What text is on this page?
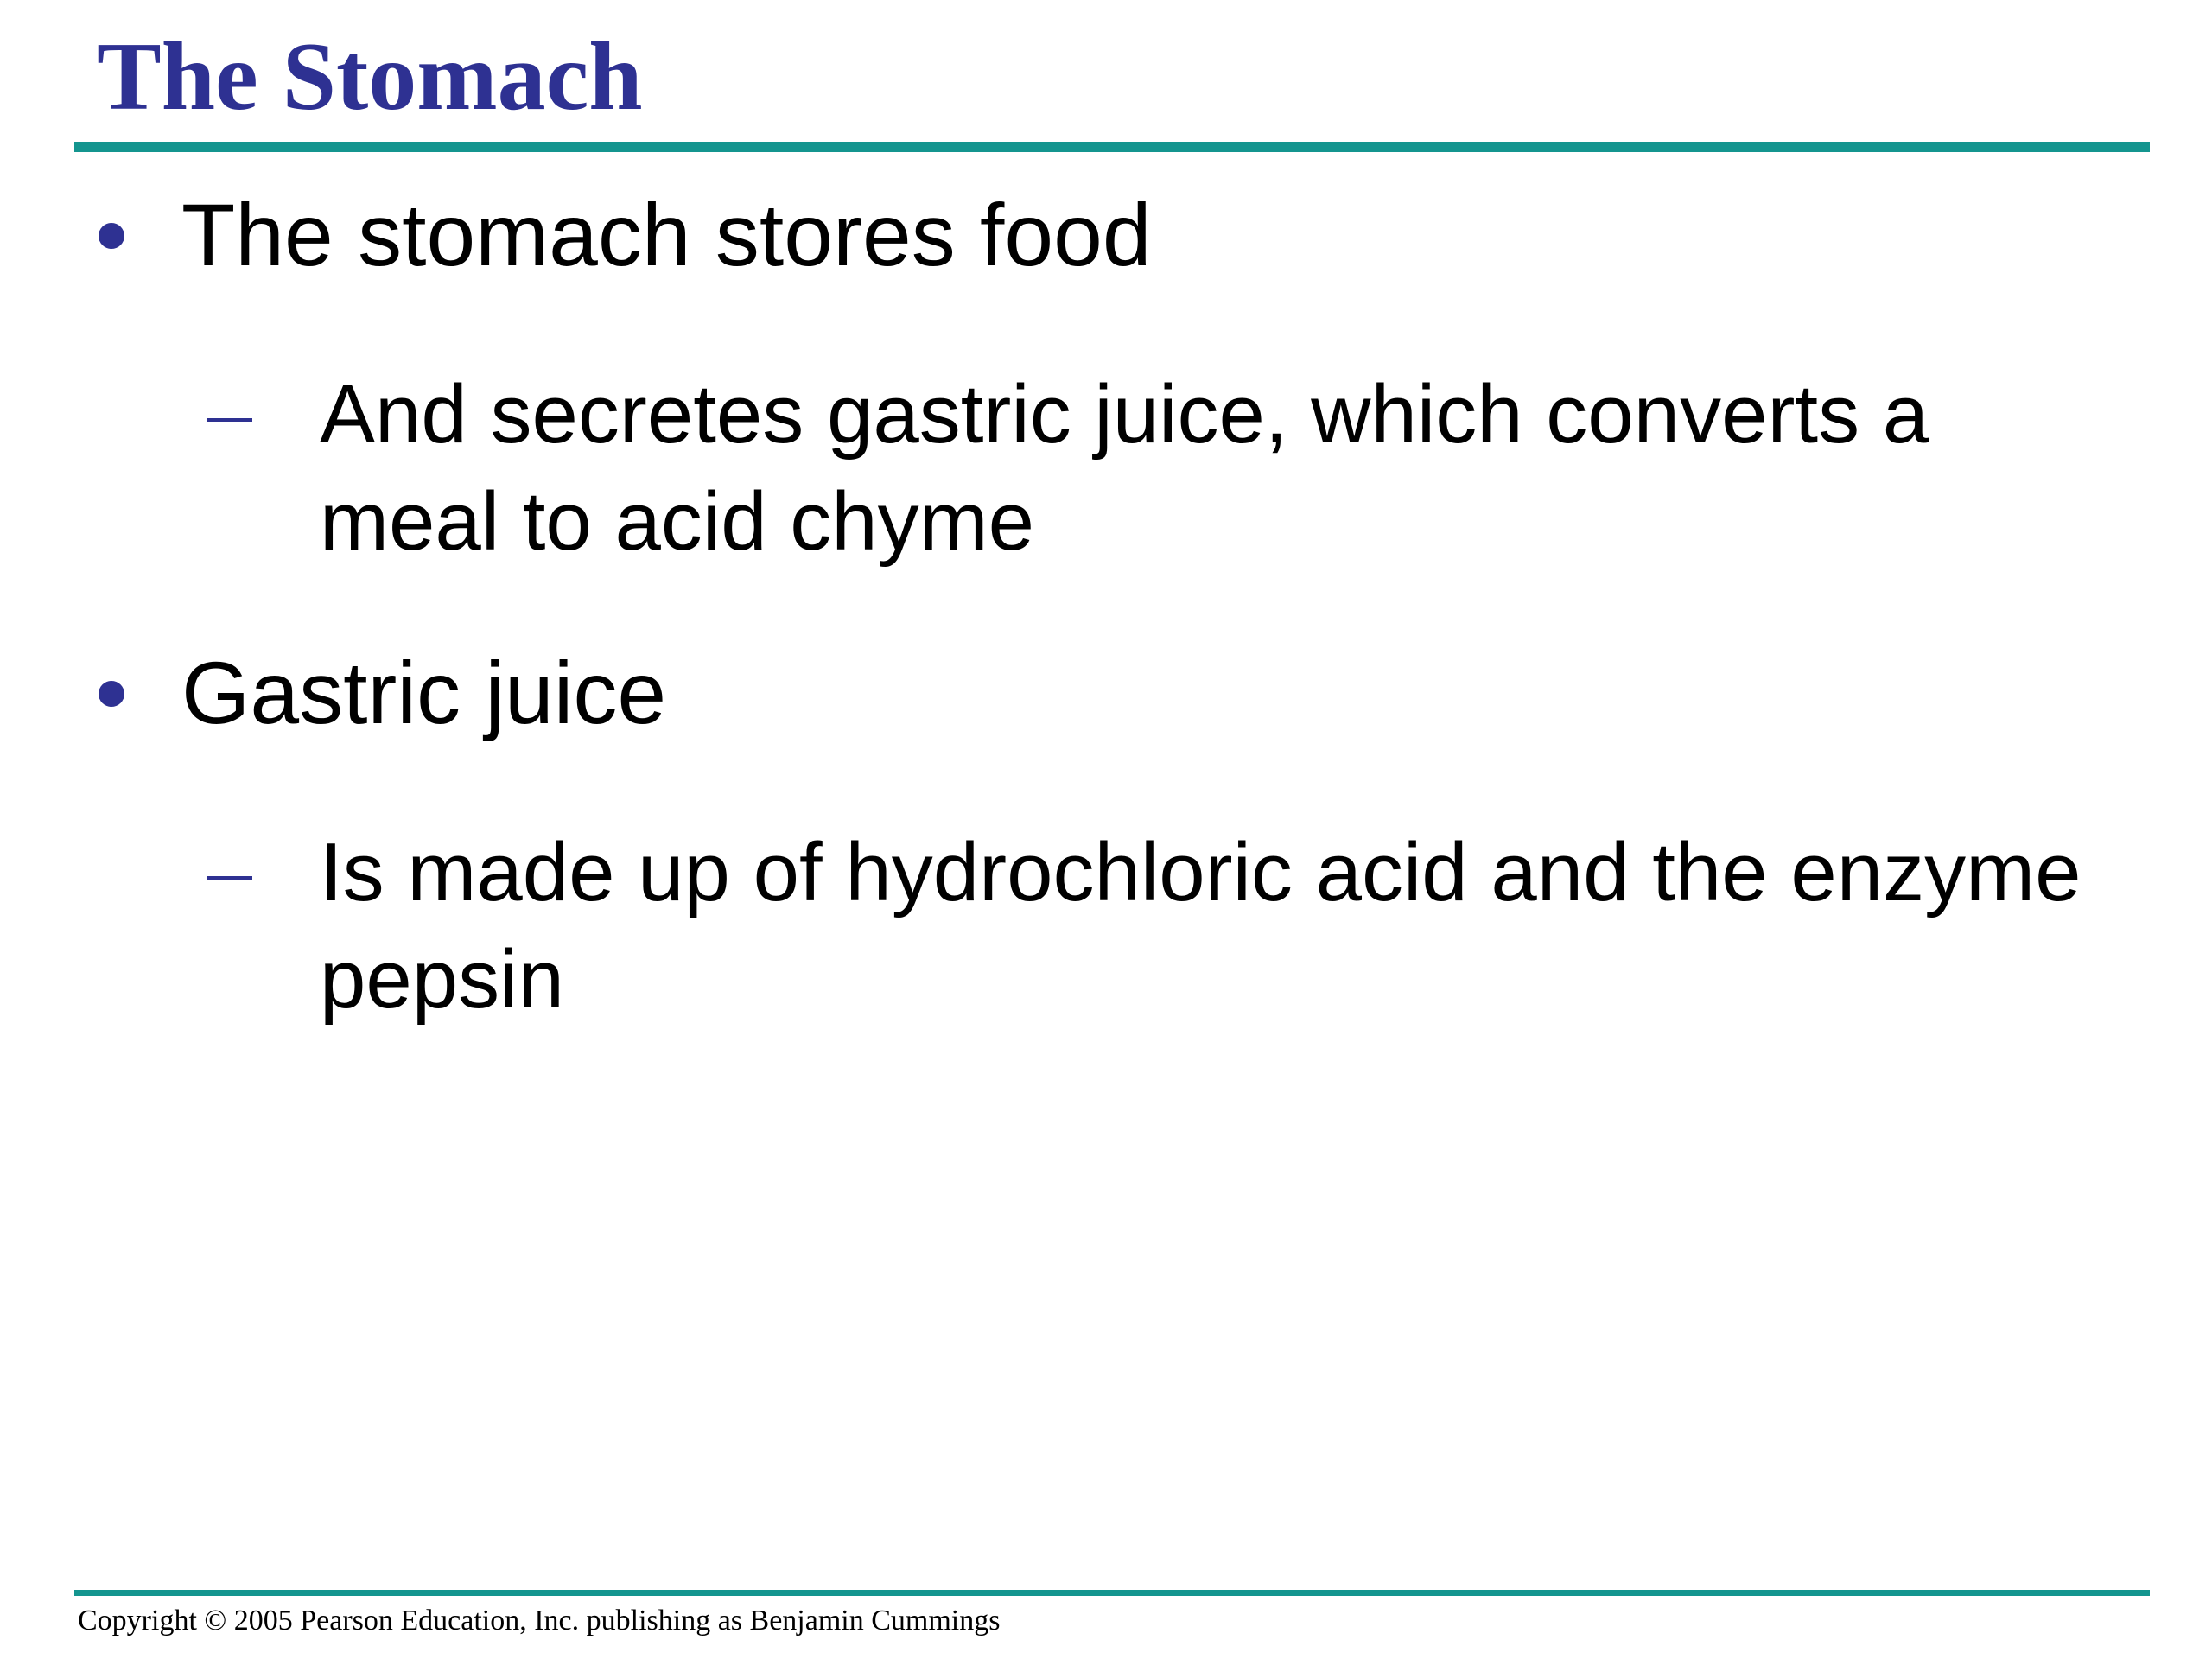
The Stomach
The stomach stores food
And secretes gastric juice, which converts a meal to acid chyme
Gastric juice
Is made up of hydrochloric acid and the enzyme pepsin
Copyright © 2005 Pearson Education, Inc. publishing as Benjamin Cummings
